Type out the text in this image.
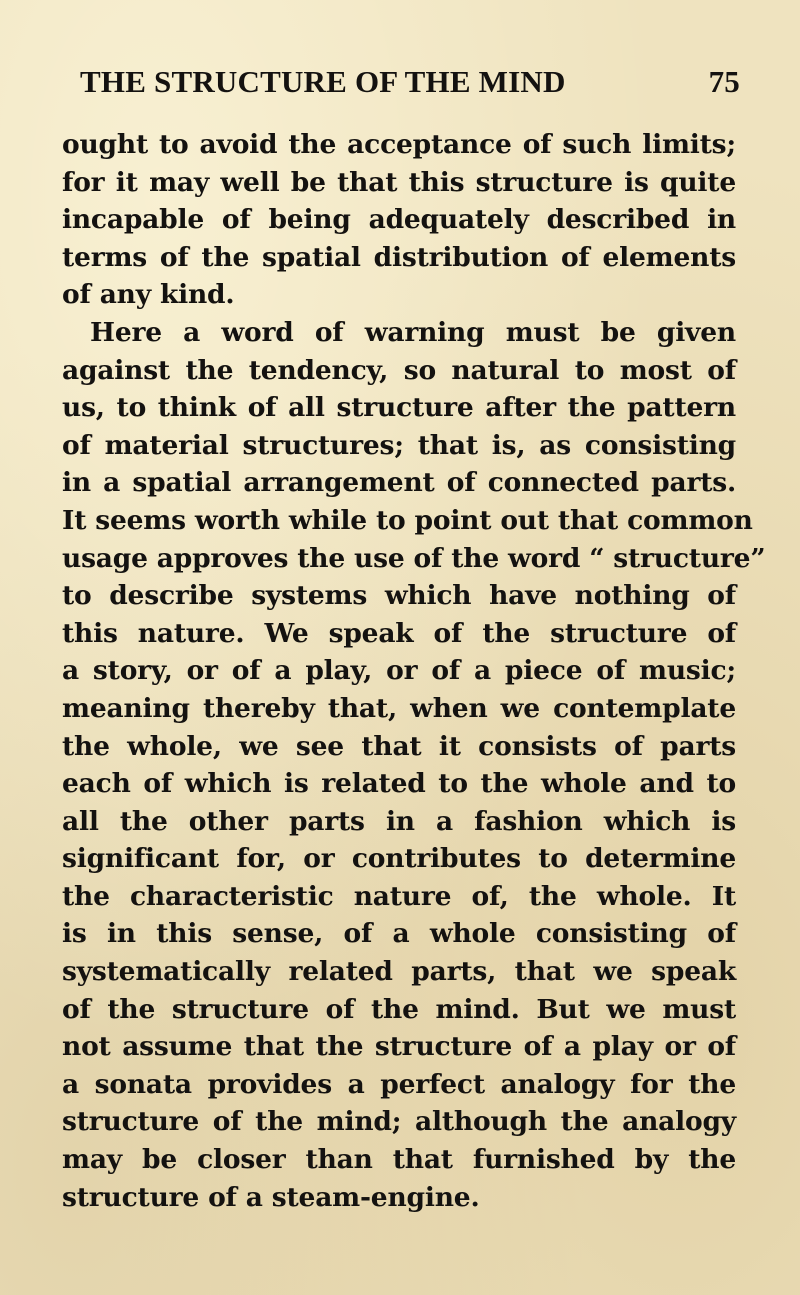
THE STRUCTURE OF THE MIND	75
ought to avoid the acceptance of such limits;
for it may well be that this structure is quite
incapable of being adequately described in
terms of the spatial distribution of elements
of any kind.
Here a word of warning must be given
against the tendency, so natural to most of
us, to think of all structure after the pattern
of material structures; that is, as consisting
in a spatial arrangement of connected parts.
It seems worth while to point out that common
usage approves the use of the word “ structure”
to describe systems which have nothing of
this nature. We speak of the structure of
a story, or of a play, or of a piece of music;
meaning thereby that, when we contemplate
the whole, we see that it consists of parts
each of which is related to the whole and to
all the other parts in a fashion which is
significant for, or contributes to determine
the characteristic nature of, the whole. It
is in this sense, of a whole consisting of
systematically related parts, that we speak
of the structure of the mind. But we must
not assume that the structure of a play or of
a sonata provides a perfect analogy for the
structure of the mind; although the analogy
may be closer than that furnished by the
structure of a steam-engine.
